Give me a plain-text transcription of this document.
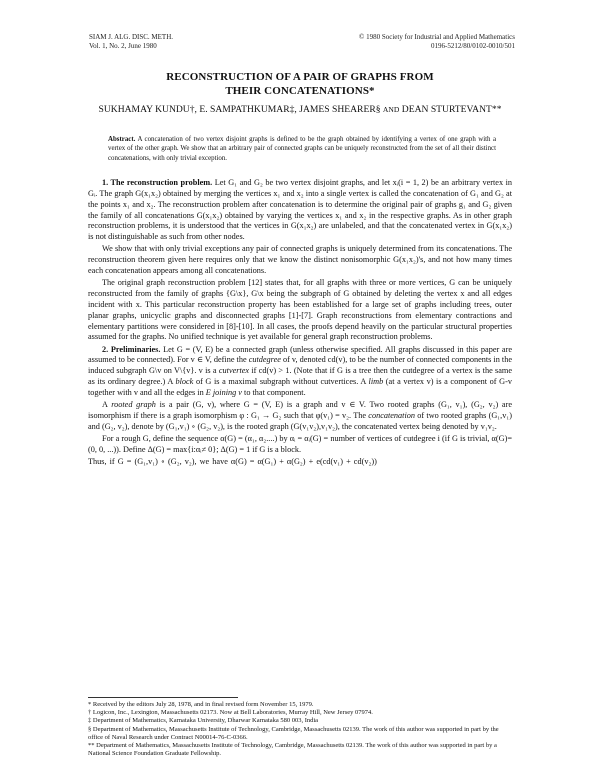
SIAM J. ALG. DISC. METH.
Vol. 1, No. 2, June 1980
© 1980 Society for Industrial and Applied Mathematics
0196-5212/80/0102-0010/501
RECONSTRUCTION OF A PAIR OF GRAPHS FROM
THEIR CONCATENATIONS*
SUKHAMAY KUNDU†, E. SAMPATHKUMAR‡, JAMES SHEARER§ AND DEAN STURTEVANT**
Abstract. A concatenation of two vertex disjoint graphs is defined to be the graph obtained by identifying a vertex of one graph with a vertex of the other graph. We show that an arbitrary pair of connected graphs can be uniquely reconstructed from the set of all their distinct concatenations, with only trivial exception.

1. The reconstruction problem. Let G₁ and G₂ be two vertex disjoint graphs, and let xᵢ(i = 1, 2) be an arbitrary vertex in Gᵢ. The graph G(x₁x₂) obtained by merging the vertices x₁ and x₂ into a single vertex is called the concatenation of G₁ and G₂ at the points x₁ and x₂. The reconstruction problem after concatenation is to determine the original pair of graphs g₁ and G₂ given the family of all concatenations G(x₁x₂) obtained by varying the vertices x₁ and x₂ in the respective graphs. As in other graph reconstruction problems, it is understood that the vertices in G(x₁x₂) are unlabeled, and that the concatenated vertex in G(x₁x₂) is not distinguishable as such from other nodes.

We show that with only trivial exceptions any pair of connected graphs is uniquely determined from its concatenations. The reconstruction theorem given here requires only that we know the distinct nonisomorphic G(x₁x₂)'s, and not how many times each concatenation appears among all concatenations.

The original graph reconstruction problem [12] states that, for all graphs with three or more vertices, G can be uniquely reconstructed from the family of graphs {G\x}, G\x being the subgraph of G obtained by deleting the vertex x and all edges incident with x. This particular reconstruction property has been established for a large set of graphs including trees, outer planar graphs, unicyclic graphs and disconnected graphs [1]-[7]. Graph reconstructions from elementary contractions and elementary partitions were considered in [8]-[10]. In all cases, the proofs depend heavily on the particular structural properties assumed for the graphs. No unified technique is yet available for general graph reconstruction problems.

2. Preliminaries. Let G = (V, E) be a connected graph (unless otherwise specified. All graphs discussed in this paper are assumed to be connected). For v ∈ V, define the cutdegree of v, denoted cd(v), to be the number of connected components in the induced subgraph G\v on V\{v}. v is a cutvertex if cd(v) > 1. (Note that if G is a tree then the cutdegree of a vertex is the same as its ordinary degree.) A block of G is a maximal subgraph without cutvertices. A limb (at a vertex v) is a component of G-v together with v and all the edges in E joining v to that component.

A rooted graph is a pair (G, v), where G = (V, E) is a graph and v ∈ V. Two rooted graphs (G₁, v₁), (G₂, v₂) are isomorphism if there is a graph isomorphism φ : G₁ → G₂ such that φ(v₁) = v₂. The concatenation of two rooted graphs (G₁,v₁) and (G₂, v₂), denote by (G₁,v₁) ∘ (G₂, v₂), is the rooted graph (G(v₁v₂),v₁v₂), the concatenated vertex being denoted by v₁v₂.

For a rough G, define the sequence α(G) = (α₁, α₂....) by αᵢ = αᵢ(G) = number of vertices of cutdegree i (if G is trivial, α(G)=(0, 0, ...)). Define Δ(G) = max{i:αᵢ≠ 0}; Δ(G) = 1 if G is a block.

Thus, if G = (G₁,v₁) ∘ (G₂, v₂), we have α(G) = α(G₁) + α(G₂) + e(cd(v₁) + cd(v₂))

* Received by the editors July 28, 1978, and in final revised form November 15, 1979.
† Logicon, Inc., Lexington, Massachusetts 02173. Now at Bell Laboratories, Murray Hill, New Jersey 07974.
‡ Department of Mathematics, Karnataka University, Dharwar Karnataka 580 003, India
§ Department of Mathematics, Massachusetts Institute of Technology, Cambridge, Massachusetts 02139. The work of this author was supported in part by the office of Naval Research under Contract N00014-76-C-0366.
** Department of Mathematics, Massachusetts Institute of Technology, Cambridge, Massachusetts 02139. The work of this author was supported in part by a National Science Foundation Graduate Fellowship.
